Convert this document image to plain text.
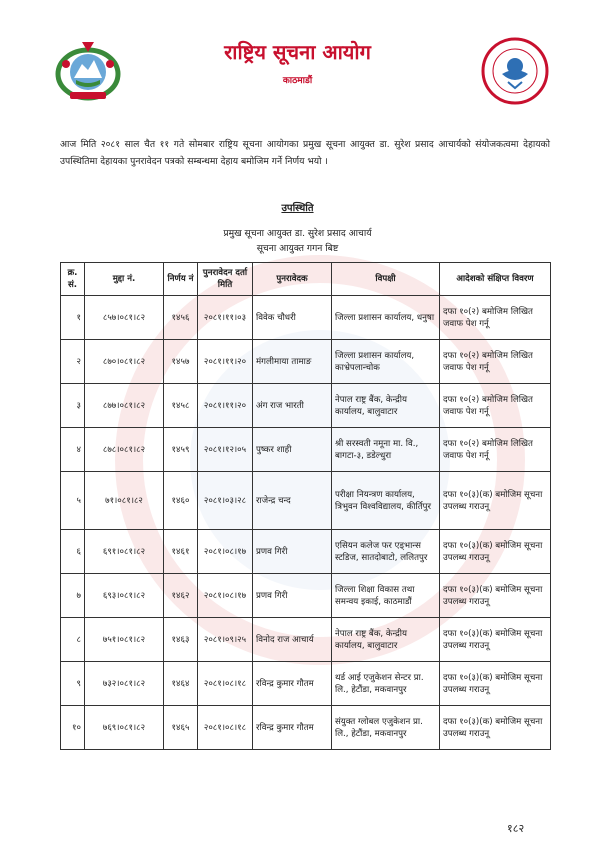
राष्ट्रिय सूचना आयोग
काठमाडौं
आज मिति २०८१ साल चैत ११ गते सोमबार राष्ट्रिय सूचना आयोगका प्रमुख सूचना आयुक्त डा. सुरेश प्रसाद आचार्यको संयोजकत्वमा देहायको उपस्थितिमा देहायका पुनरावेदन पत्रको सम्बन्धमा देहाय बमोजिम गर्ने निर्णय भयो ।
उपस्थिति
प्रमुख सूचना आयुक्त डा. सुरेश प्रसाद आचार्य
सूचना आयुक्त गगन बिष्ट
क्र. सं.	मुद्दा नं.	निर्णय नं	पुनरावेदन दर्ता मिति	पुनरावेदक	विपक्षी	आदेशको संक्षिप्त विवरण
१	८५७।०८१।८२	१४५६	२०८१।११।०३	विवेक चौधरी	जिल्ला प्रशासन कार्यालय, धनुषा	दफा १०(२) बमोजिम लिखित जवाफ पेश गर्नू
२	८७०।०८१।८२	१४५७	२०८१।११।२०	मंगलीमाया तामाङ	जिल्ला प्रशासन कार्यालय, काभ्रेपलान्चोक	दफा १०(२) बमोजिम लिखित जवाफ पेश गर्नू
३	८७७।०८१।८२	१४५८	२०८१।११।२०	अंग राज भारती	नेपाल राष्ट्र बैंक, केन्द्रीय कार्यालय, बालुवाटार	दफा १०(२) बमोजिम लिखित जवाफ पेश गर्नू
४	८७८।०८१।८२	१४५९	२०८१।१२।०५	पुष्कर शाही	श्री सरस्वती नमूना मा. वि., बागटा-३, डडेल्धुरा	दफा १०(२) बमोजिम लिखित जवाफ पेश गर्नू
५	७१।०८१।८२	१४६०	२०८१।०३।२८	राजेन्द्र चन्द	परीक्षा नियन्त्रण कार्यालय, त्रिभुवन विश्वविद्यालय, कीर्तिपुर	दफा १०(३)(क) बमोजिम सूचना उपलब्ध गराउनू
६	६९१।०८१।८२	१४६१	२०८१।०८।१७	प्रणव गिरी	एसियन कलेज फर एड्भान्स स्टडिज, सातदोबाटो, ललितपुर	दफा १०(३)(क) बमोजिम सूचना उपलब्ध गराउनू
७	६९३।०८१।८२	१४६२	२०८१।०८।१७	प्रणव गिरी	जिल्ला शिक्षा विकास तथा समन्वय इकाई, काठमाडौं	दफा १०(३)(क) बमोजिम सूचना उपलब्ध गराउनू
८	७५१।०८१।८२	१४६३	२०८१।०९।२५	विनोद राज आचार्य	नेपाल राष्ट्र बैंक, केन्द्रीय कार्यालय, बालुवाटार	दफा १०(३)(क) बमोजिम सूचना उपलब्ध गराउनू
९	७३२।०८१।८२	१४६४	२०८१।०८।१८	रविन्द्र कुमार गौतम	थर्ड आई एजुकेशन सेन्टर प्रा. लि., हेटौंडा, मकवानपुर	दफा १०(३)(क) बमोजिम सूचना उपलब्ध गराउनू
१०	७६९।०८१।८२	१४६५	२०८१।०८।१८	रविन्द्र कुमार गौतम	संयुक्त ग्लोबल एजुकेशन प्रा. लि., हेटौंडा, मकवानपुर	दफा १०(३)(क) बमोजिम सूचना उपलब्ध गराउनू
१८२
